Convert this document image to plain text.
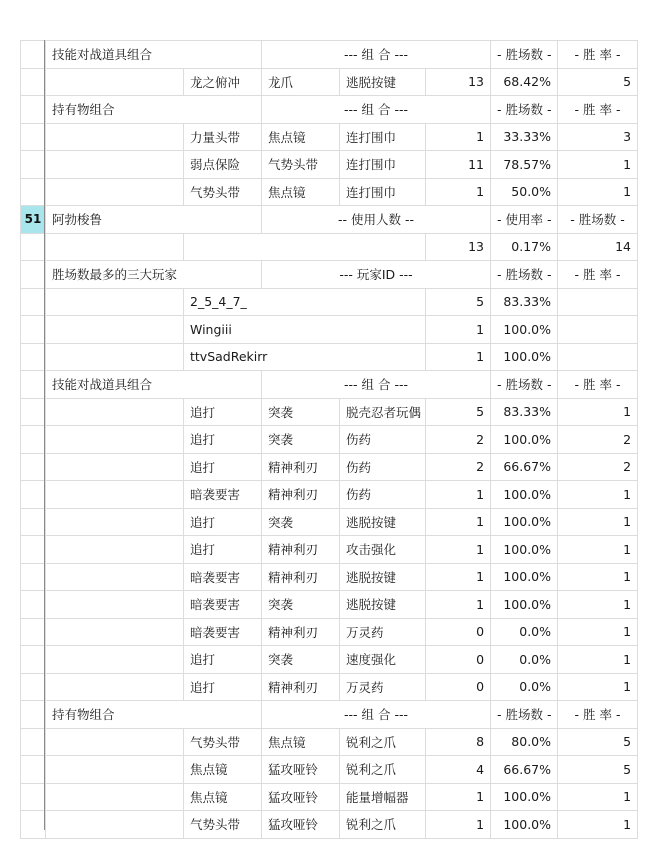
	技能对战道具组合		--- 组 合 ---			- 胜场数 -	- 胜 率 -	
		龙之俯冲	龙爪	逃脱按键	13	68.42%	5	
	持有物组合		--- 组 合 ---			- 胜场数 -	- 胜 率 -	
		力量头带	焦点镜	连打围巾	1	33.33%	3	
		弱点保险	气势头带	连打围巾	11	78.57%	1	
		气势头带	焦点镜	连打围巾	1	50.0%	1	
51	阿勃梭鲁		-- 使用人数 --			- 使用率 -	- 胜场数 -	
					13	0.17%	14	
	胜场数最多的三大玩家		--- 玩家ID ---			- 胜场数 -	- 胜 率 -	
		2_5_4_7_			5	83.33%		
		Wingiii			1	100.0%		
		ttvSadRekirr			1	100.0%		
	技能对战道具组合		--- 组 合 ---			- 胜场数 -	- 胜 率 -	
		追打	突袭	脱壳忍者玩偶	5	83.33%	1	
		追打	突袭	伤药	2	100.0%	2	
		追打	精神利刃	伤药	2	66.67%	2	
		暗袭要害	精神利刃	伤药	1	100.0%	1	
		追打	突袭	逃脱按键	1	100.0%	1	
		追打	精神利刃	攻击强化	1	100.0%	1	
		暗袭要害	精神利刃	逃脱按键	1	100.0%	1	
		暗袭要害	突袭	逃脱按键	1	100.0%	1	
		暗袭要害	精神利刃	万灵药	0	0.0%	1	
		追打	突袭	速度强化	0	0.0%	1	
		追打	精神利刃	万灵药	0	0.0%	1	
	持有物组合		--- 组 合 ---			- 胜场数 -	- 胜 率 -	
		气势头带	焦点镜	锐利之爪	8	80.0%	5	
		焦点镜	猛攻哑铃	锐利之爪	4	66.67%	5	
		焦点镜	猛攻哑铃	能量增幅器	1	100.0%	1	
		气势头带	猛攻哑铃	锐利之爪	1	100.0%	1	
